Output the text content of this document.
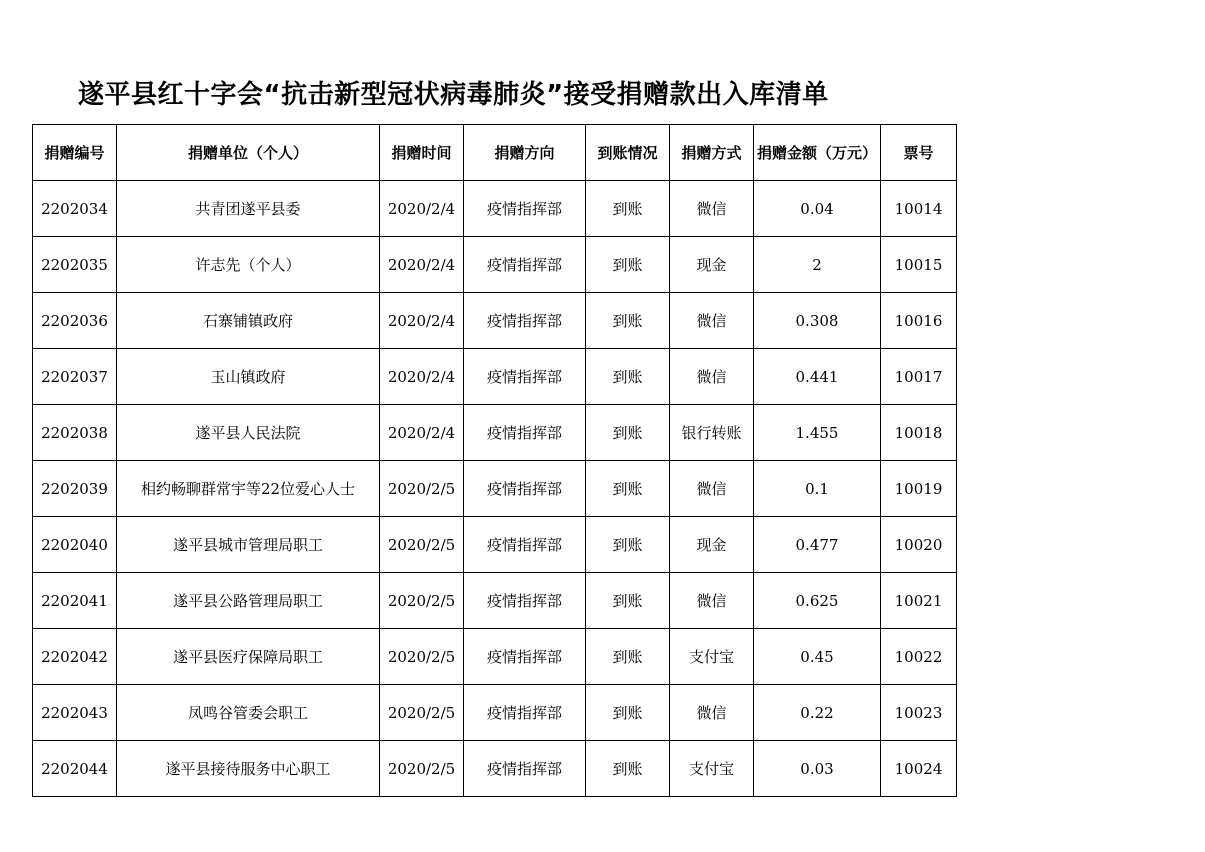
遂平县红十字会“抗击新型冠状病毒肺炎”接受捐赠款出入库清单
捐赠编号	捐赠单位（个人）	捐赠时间	捐赠方向	到账情况	捐赠方式	捐赠金额（万元）	票号
2202034	共青团遂平县委	2020/2/4	疫情指挥部	到账	微信	0.04	10014
2202035	许志先（个人）	2020/2/4	疫情指挥部	到账	现金	2	10015
2202036	石寨铺镇政府	2020/2/4	疫情指挥部	到账	微信	0.308	10016
2202037	玉山镇政府	2020/2/4	疫情指挥部	到账	微信	0.441	10017
2202038	遂平县人民法院	2020/2/4	疫情指挥部	到账	银行转账	1.455	10018
2202039	相约畅聊群常宇等22位爱心人士	2020/2/5	疫情指挥部	到账	微信	0.1	10019
2202040	遂平县城市管理局职工	2020/2/5	疫情指挥部	到账	现金	0.477	10020
2202041	遂平县公路管理局职工	2020/2/5	疫情指挥部	到账	微信	0.625	10021
2202042	遂平县医疗保障局职工	2020/2/5	疫情指挥部	到账	支付宝	0.45	10022
2202043	凤鸣谷管委会职工	2020/2/5	疫情指挥部	到账	微信	0.22	10023
2202044	遂平县接待服务中心职工	2020/2/5	疫情指挥部	到账	支付宝	0.03	10024
